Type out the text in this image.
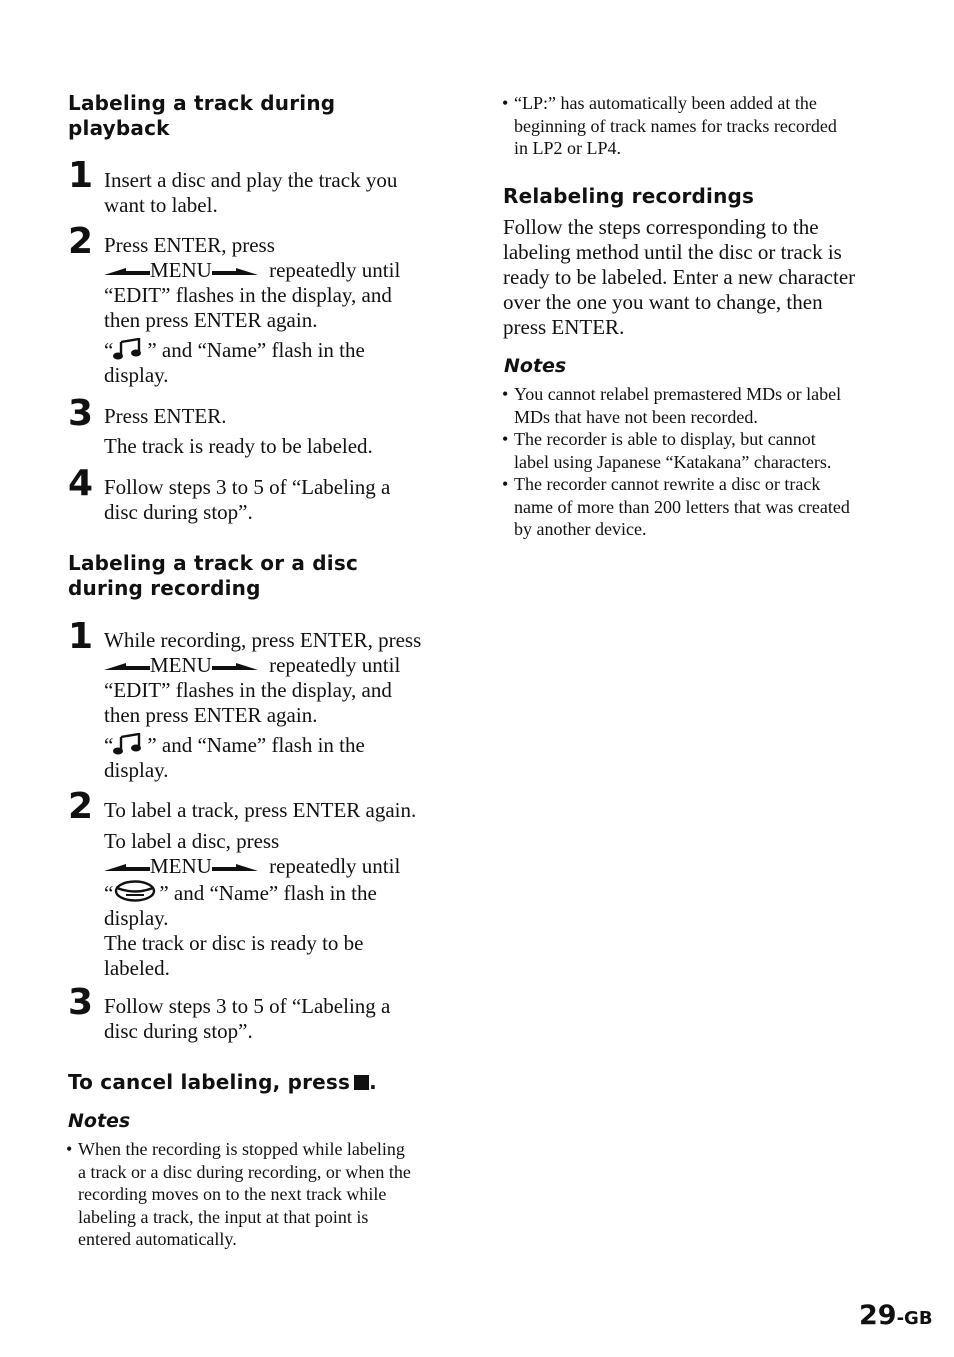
Labeling a track during
playback
1 Insert a disc and play the track you
want to label.
2 Press ENTER, press
MENU	repeatedly until
“EDIT” flashes in the display, and
then press ENTER again.
“ ” and “Name” flash in the
display.
3 Press ENTER.
The track is ready to be labeled.
4 Follow steps 3 to 5 of “Labeling a
disc during stop”.
Labeling a track or a disc
during recording
1 While recording, press ENTER, press
MENU	repeatedly until
“EDIT” flashes in the display, and
then press ENTER again.
“ ” and “Name” flash in the
display.
2 To label a track, press ENTER again.
To label a disc, press
MENU	repeatedly until
“ ” and “Name” flash in the
display.
The track or disc is ready to be
labeled.
3 Follow steps 3 to 5 of “Labeling a
disc during stop”.
To cancel labeling, press .
Notes
• When the recording is stopped while labeling
a track or a disc during recording, or when the
recording moves on to the next track while
labeling a track, the input at that point is
entered automatically.
• “LP:” has automatically been added at the
beginning of track names for tracks recorded
in LP2 or LP4.
Relabeling recordings
Follow the steps corresponding to the
labeling method until the disc or track is
ready to be labeled. Enter a new character
over the one you want to change, then
press ENTER.
Notes
• You cannot relabel premastered MDs or label
MDs that have not been recorded.
• The recorder is able to display, but cannot
label using Japanese “Katakana” characters.
• The recorder cannot rewrite a disc or track
name of more than 200 letters that was created
by another device.
29-GB
